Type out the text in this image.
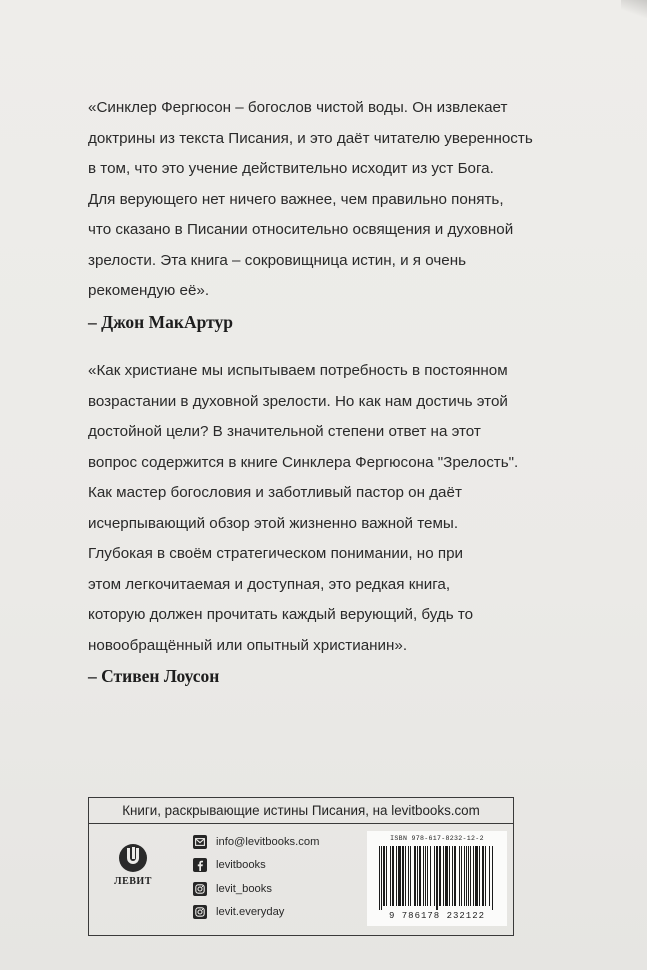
«Синклер Фергюсон – богослов чистой воды. Он извлекает
доктрины из текста Писания, и это даёт читателю уверенность
в том, что это учение действительно исходит из уст Бога.
Для верующего нет ничего важнее, чем правильно понять,
что сказано в Писании относительно освящения и духовной
зрелости. Эта книга – сокровищница истин, и я очень
рекомендую её».

– Джон МакАртур

«Как христиане мы испытываем потребность в постоянном
возрастании в духовной зрелости. Но как нам достичь этой
достойной цели? В значительной степени ответ на этот
вопрос содержится в книге Синклера Фергюсона "Зрелость".
Как мастер богословия и заботливый пастор он даёт
исчерпывающий обзор этой жизненно важной темы.
Глубокая в своём стратегическом понимании, но при
этом легкочитаемая и доступная, это редкая книга,
которую должен прочитать каждый верующий, будь то
новообращённый или опытный христианин».

– Стивен Лоусон
Книги, раскрывающие истины Писания, на levitbooks.com
ЛЕВИТ
info@levitbooks.com
levitbooks
levit_books
levit.everyday
ISBN 978-617-8232-12-2
9 786178 232122
